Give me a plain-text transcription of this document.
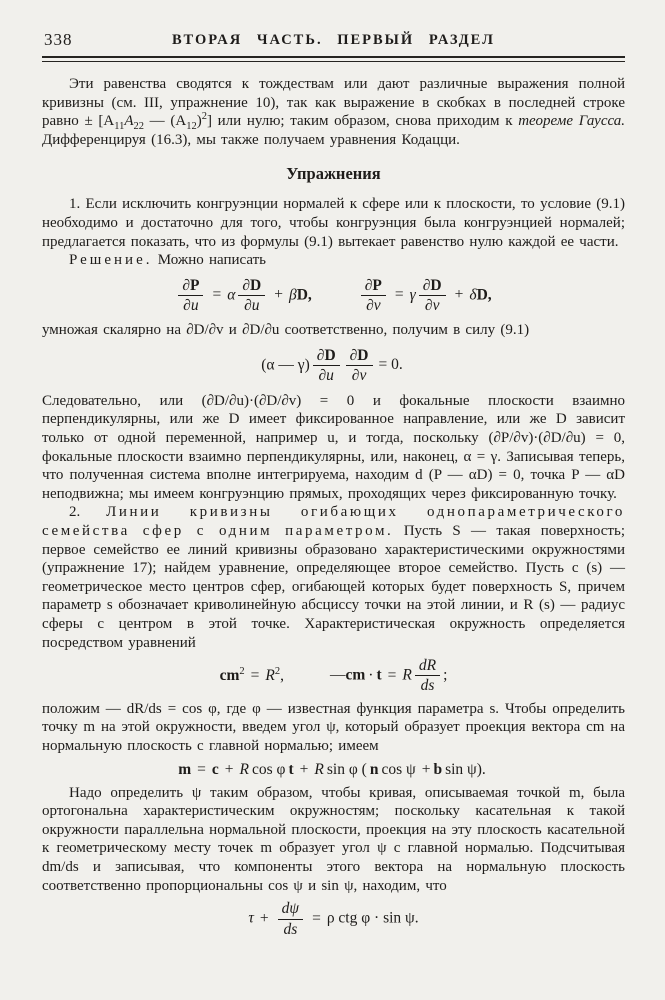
338	ВТОРАЯ ЧАСТЬ. ПЕРВЫЙ РАЗДЕЛ

Эти равенства сводятся к тождествам или дают различные выражения полной кривизны (см. III, упражнение 10), так как выражение в скобках в последней строке равно ± [$A_{11}A_{22}$ — $(A_{12})^2$] или нулю; таким образом, снова приходим к теореме Гаусса. Дифференцируя (16.3), мы также получаем уравнения Кодацци.

Упражнения

1. Если исключить конгруэнции нормалей к сфере или к плоскости, то условие (9.1) необходимо и достаточно для того, чтобы конгруэнция была конгруэнцией нормалей; предлагается показать, что из формулы (9.1) вытекает равенство нулю каждой ее части.

Решение. Можно написать

$\frac{\partial P}{\partial u} = \alpha \frac{\partial D}{\partial u} + \beta D$,	$\frac{\partial P}{\partial v} = \gamma \frac{\partial D}{\partial v} + \delta D$,

умножая скалярно на ∂D/∂v и ∂D/∂u соответственно, получим в силу (9.1)

(α — $\gamma) \frac{\partial D}{\partial u} \frac{\partial D}{\partial v} = 0$.

Следовательно, или (∂D/∂u)·(∂D/∂v) = 0 и фокальные плоскости взаимно перпендикулярны, или же D имеет фиксированное направление, или же D зависит только от одной переменной, например u, и тогда, поскольку (∂P/∂v)·(∂D/∂u) = 0, фокальные плоскости взаимно перпендикулярны, или, наконец, α = γ. Записывая теперь, что полученная система вполне интегрируема, находим d (P — αD) = 0, точка P — αD неподвижна; мы имеем конгруэнцию прямых, проходящих через фиксированную точку.

2. Линии кривизны огибающих однопараметрического семейства сфер с одним параметром. Пусть S — такая поверхность; первое семейство ее линий кривизны образовано характеристическими окружностями (упражнение 17); найдем уравнение, определяющее второе семейство. Пусть c (s) — геометрическое место центров сфер, огибающей которых будет поверхность S, причем параметр s обозначает криволинейную абсциссу точки на этой линии, и R (s) — радиус сферы с центром в этой точке. Характеристическая окружность определяется посредством уравнений

$cm^2 = R^2$,	—cm · t = R $\frac{dR}{ds}$ ;

положим — dR/ds = cos φ, где φ — известная функция параметра s. Чтобы определить точку m на этой окружности, введем угол ψ, который образует проекция вектора cm на нормальную плоскость с главной нормалью; имеем

m = c + R cos φ t + R sin φ ( n cos ψ + b sin ψ).

Надо определить ψ таким образом, чтобы кривая, описываемая точкой m, была ортогональна характеристическим окружностям; поскольку касательная к такой окружности параллельна нормальной плоскости, проекция на эту плоскость касательной к геометрическому месту точек m образует угол ψ с главной нормалью. Подсчитывая dm/ds и записывая, что компоненты этого вектора на нормальную плоскость соответственно пропорциональны cos ψ и sin ψ, находим, что

$\tau + \frac{d\psi}{ds} = \rho$ ctg φ · sin ψ.
